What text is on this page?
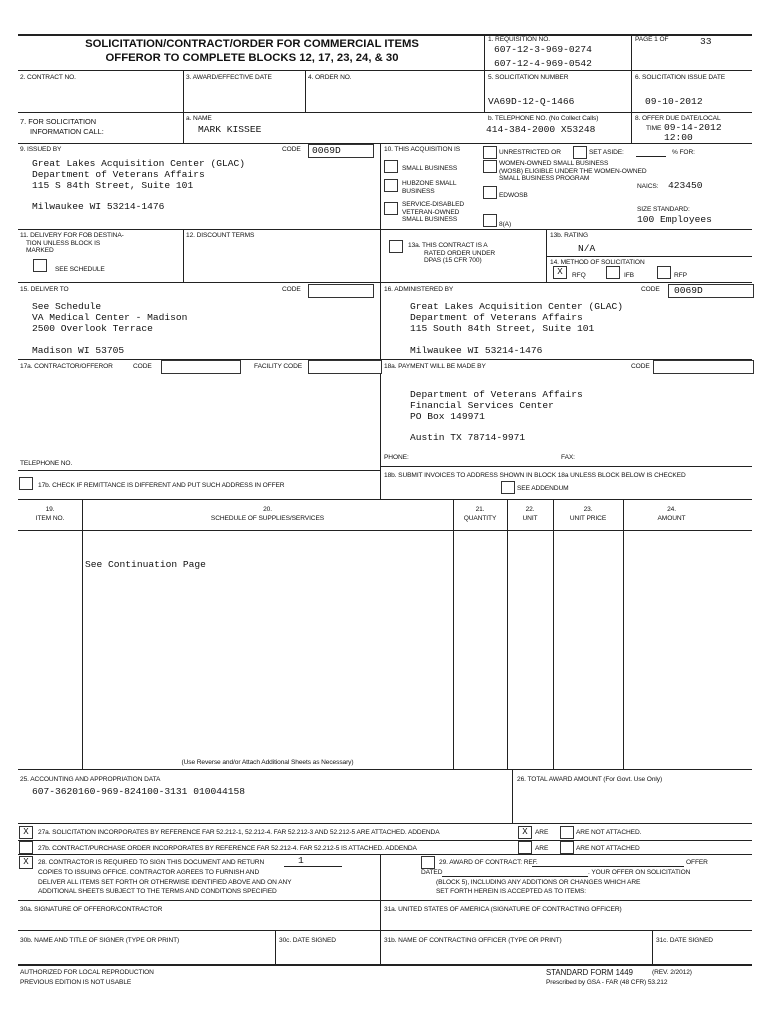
SOLICITATION/CONTRACT/ORDER FOR COMMERCIAL ITEMS
OFFEROR TO COMPLETE BLOCKS 12, 17, 23, 24, & 30
1. REQUISITION NO.
607-12-3-969-0274
607-12-4-969-0542
PAGE 1 OF	33
2. CONTRACT NO.	3. AWARD/EFFECTIVE DATE	4. ORDER NO.	5. SOLICITATION NUMBER
VA69D-12-Q-1466
6. SOLICITATION ISSUE DATE
09-10-2012
7. FOR SOLICITATION
INFORMATION CALL:
a. NAME
MARK KISSEE
b. TELEPHONE NO. (No Collect Calls)
414-384-2000 X53248
8. OFFER DUE DATE/LOCAL
TIME 09-14-2012
12:00
9. ISSUED BY	CODE 0069D
Great Lakes Acquisition Center (GLAC)
Department of Veterans Affairs
115 S 84th Street, Suite 101
Milwaukee WI 53214-1476
10. THIS ACQUISITION IS	UNRESTRICTED OR	SET ASIDE:	% FOR:
SMALL BUSINESS
HUBZONE SMALL
BUSINESS
SERVICE-DISABLED
VETERAN-OWNED
SMALL BUSINESS
WOMEN-OWNED SMALL BUSINESS
(WOSB) ELIGIBLE UNDER THE WOMEN-OWNED
SMALL BUSINESS PROGRAM
EDWOSB
8(A)
NAICS: 423450
SIZE STANDARD:
100 Employees
11. DELIVERY FOR FOB DESTINA-
TION UNLESS BLOCK IS
MARKED
SEE SCHEDULE
12. DISCOUNT TERMS
13a. THIS CONTRACT IS A
RATED ORDER UNDER
DPAS (15 CFR 700)
13b. RATING
N/A
14. METHOD OF SOLICITATION
X	RFQ	IFB	RFP
15. DELIVER TO	CODE
See Schedule
VA Medical Center - Madison
2500 Overlook Terrace
Madison WI 53705
16. ADMINISTERED BY	CODE 0069D
Great Lakes Acquisition Center (GLAC)
Department of Veterans Affairs
115 South 84th Street, Suite 101
Milwaukee WI 53214-1476
17a. CONTRACTOR/OFFEROR	CODE	FACILITY CODE
TELEPHONE NO.
17b. CHECK IF REMITTANCE IS DIFFERENT AND PUT SUCH ADDRESS IN OFFER
18a. PAYMENT WILL BE MADE BY	CODE
Department of Veterans Affairs
Financial Services Center
PO Box 149971
Austin TX 78714-9971
PHONE:	FAX:
18b. SUBMIT INVOICES TO ADDRESS SHOWN IN BLOCK 18a UNLESS BLOCK BELOW IS CHECKED
SEE ADDENDUM
19.
ITEM NO.
20.
SCHEDULE OF SUPPLIES/SERVICES
21.
QUANTITY
22.
UNIT
23.
UNIT PRICE
24.
AMOUNT
See Continuation Page
(Use Reverse and/or Attach Additional Sheets as Necessary)
25. ACCOUNTING AND APPROPRIATION DATA
607-3620160-969-824100-3131 010044158
26. TOTAL AWARD AMOUNT (For Govt. Use Only)
X	27a. SOLICITATION INCORPORATES BY REFERENCE FAR 52.212-1, 52.212-4. FAR 52.212-3 AND 52.212-5 ARE ATTACHED. ADDENDA	X	ARE	ARE NOT ATTACHED.
27b. CONTRACT/PURCHASE ORDER INCORPORATES BY REFERENCE FAR 52.212-4. FAR 52.212-5 IS ATTACHED. ADDENDA	ARE	ARE NOT ATTACHED
X	28. CONTRACTOR IS REQUIRED TO SIGN THIS DOCUMENT AND RETURN	1
COPIES TO ISSUING OFFICE. CONTRACTOR AGREES TO FURNISH AND
DELIVER ALL ITEMS SET FORTH OR OTHERWISE IDENTIFIED ABOVE AND ON ANY
ADDITIONAL SHEETS SUBJECT TO THE TERMS AND CONDITIONS SPECIFIED
29. AWARD OF CONTRACT: REF.	OFFER
DATED	. YOUR OFFER ON SOLICITATION
(BLOCK 5), INCLUDING ANY ADDITIONS OR CHANGES WHICH ARE
SET FORTH HEREIN IS ACCEPTED AS TO ITEMS:
30a. SIGNATURE OF OFFEROR/CONTRACTOR	31a. UNITED STATES OF AMERICA (SIGNATURE OF CONTRACTING OFFICER)
30b. NAME AND TITLE OF SIGNER (TYPE OR PRINT)	30c. DATE SIGNED	31b. NAME OF CONTRACTING OFFICER (TYPE OR PRINT)	31c. DATE SIGNED
AUTHORIZED FOR LOCAL REPRODUCTION
PREVIOUS EDITION IS NOT USABLE
STANDARD FORM 1449	(REV. 2/2012)
Prescribed by GSA - FAR (48 CFR) 53.212
